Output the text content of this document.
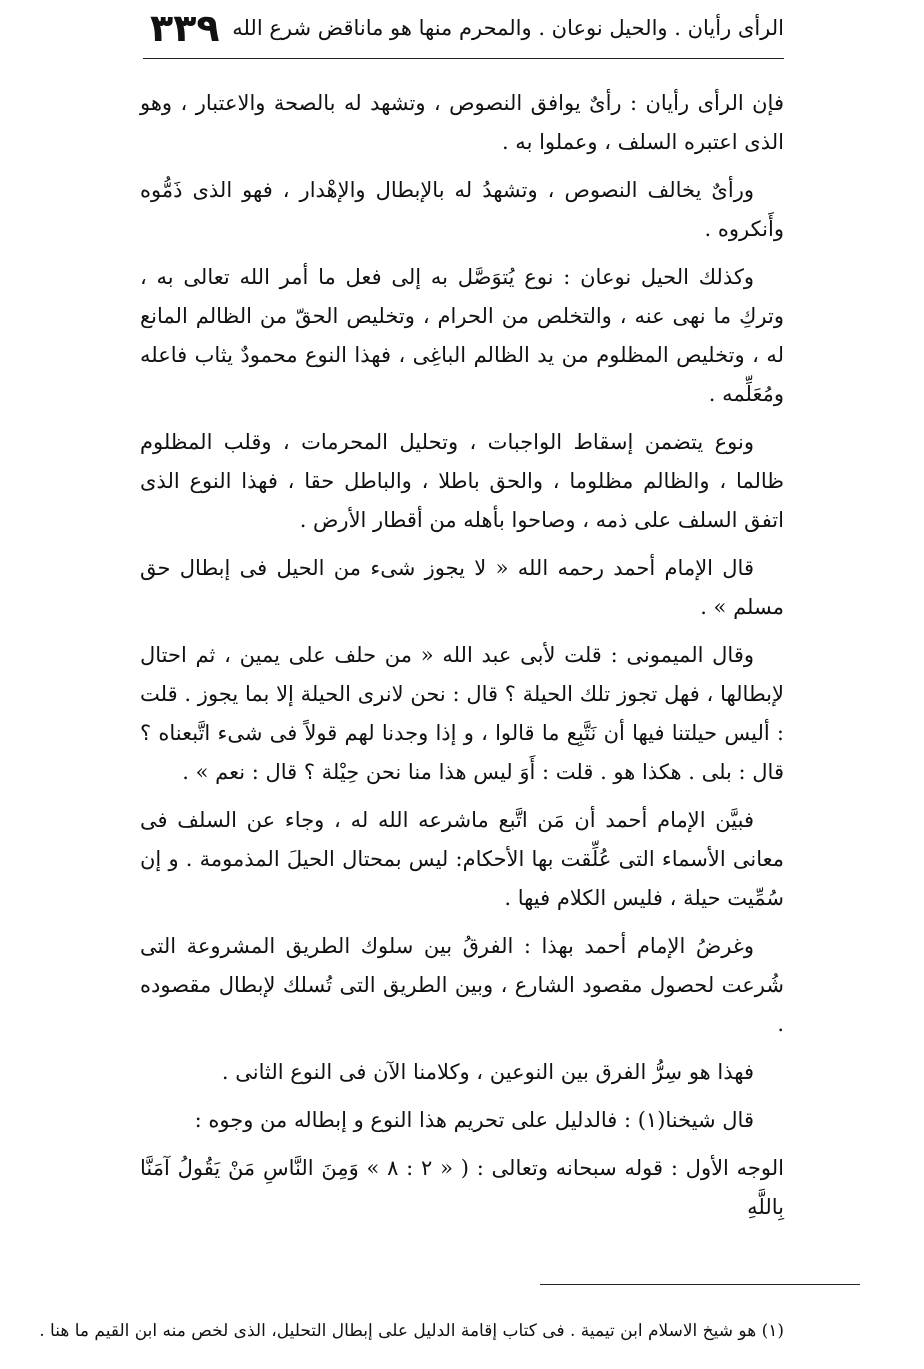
الرأى رأيان . والحيل نوعان . والمحرم منها هو ماناقض شرع الله
٣٣٩

فإن الرأى رأيان : رأىٌ يوافق النصوص ، وتشهد له بالصحة والاعتبار ، وهو الذى اعتبره السلف ، وعملوا به .

ورأىٌ يخالف النصوص ، وتشهدُ له بالإبطال والإهْدار ، فهو الذى ذَمُّوه وأَنكروه .

وكذلك الحيل نوعان : نوع يُتوَصَّل به إلى فعل ما أمر الله تعالى به ، وتركِ ما نهى عنه ، والتخلص من الحرام ، وتخليص الحقّ من الظالم المانع له ، وتخليص المظلوم من يد الظالم الباغِى ، فهذا النوع محمودٌ يثاب فاعله ومُعَلِّمه .

ونوع يتضمن إسقاط الواجبات ، وتحليل المحرمات ، وقلب المظلوم ظالما ، والظالم مظلوما ، والحق باطلا ، والباطل حقا ، فهذا النوع الذى اتفق السلف على ذمه ، وصاحوا بأهله من أقطار الأرض .

قال الإمام أحمد رحمه الله « لا يجوز شىء من الحيل فى إبطال حق مسلم » .

وقال الميمونى : قلت لأبى عبد الله « من حلف على يمين ، ثم احتال لإبطالها ، فهل تجوز تلك الحيلة ؟ قال : نحن لانرى الحيلة إلا بما يجوز . قلت : أليس حيلتنا فيها أن نَتَّبِع ما قالوا ، و إذا وجدنا لهم قولاً فى شىء اتَّبعناه ؟ قال : بلى . هكذا هو . قلت : أَوَ ليس هذا منا نحن حِيْلة ؟ قال : نعم » .

فبيَّن الإمام أحمد أن مَن اتَّبع ماشرعه الله له ، وجاء عن السلف فى معانى الأسماء التى عُلِّقت بها الأحكام: ليس بمحتال الحيلَ المذمومة . و إن سُمِّيت حيلة ، فليس الكلام فيها .

وغرضُ الإمام أحمد بهذا : الفرقُ بين سلوك الطريق المشروعة التى شُرعت لحصول مقصود الشارع ، وبين الطريق التى تُسلك لإبطال مقصوده .

فهذا هو سِرُّ الفرق بين النوعين ، وكلامنا الآن فى النوع الثانى .

قال شيخنا(١) : فالدليل على تحريم هذا النوع و إبطاله من وجوه :

الوجه الأول : قوله سبحانه وتعالى : ( « ٢ : ٨ » وَمِنَ النَّاسِ مَنْ يَقُولُ آمَنَّا بِاللَّهِ

(١) هو شيخ الاسلام ابن تيمية . فى كتاب إقامة الدليل على إبطال التحليل، الذى لخص منه ابن القيم ما هنا .
